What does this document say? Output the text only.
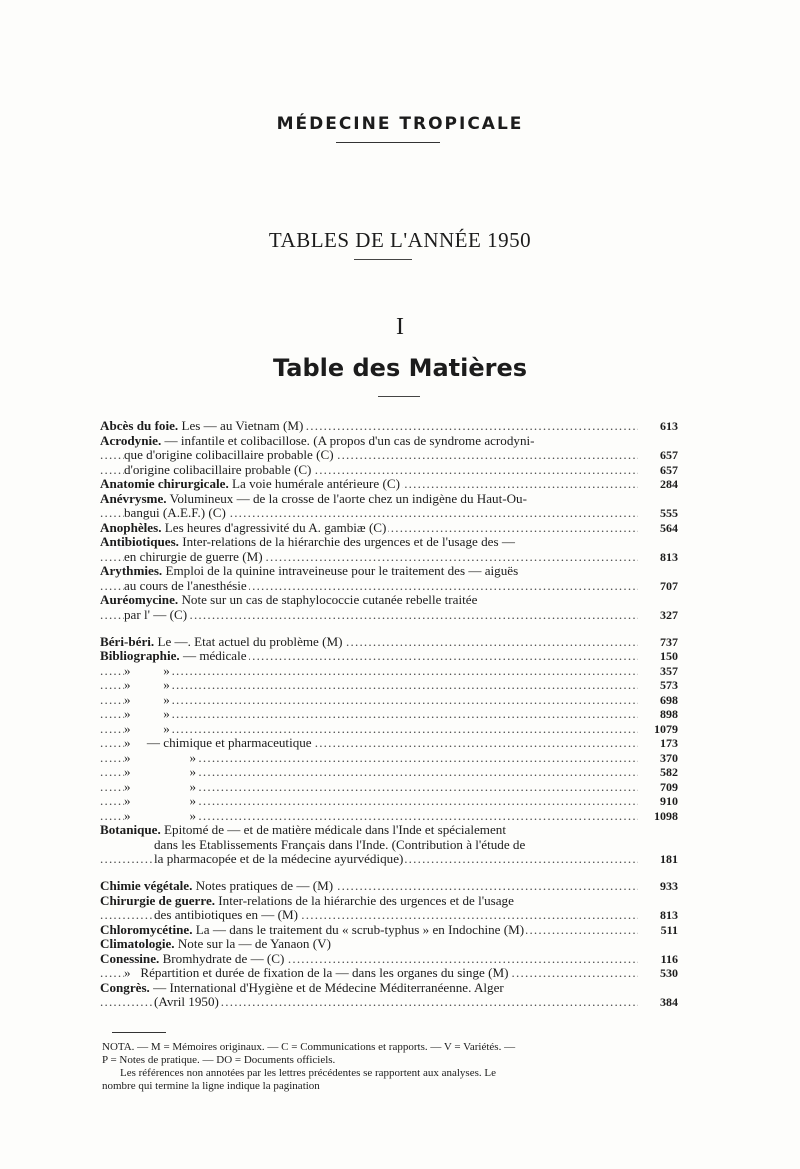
MÉDECINE TROPICALE
TABLES DE L'ANNÉE 1950
I
Table des Matières
.....
Abcès du foie. Les — au Vietnam (M)	613
Acrodynie. — infantile et colibacillose. (A propos d'un cas de syndrome acrodyni-
.....
que d'origine colibacillaire probable (C)	657
.....
d'origine colibacillaire probable (C)	657
.....
Anatomie chirurgicale. La voie humérale antérieure (C)	284
Anévrysme. Volumineux — de la crosse de l'aorte chez un indigène du Haut-Ou-
.....
bangui (A.E.F.) (C)	555
.....
Anophèles. Les heures d'agressivité du A. gambiæ (C)	564
Antibiotiques. Inter-relations de la hiérarchie des urgences et de l'usage des —
.....
en chirurgie de guerre (M)	813
Arythmies. Emploi de la quinine intraveineuse pour le traitement des — aiguës
.....
au cours de l'anesthésie	707
Auréomycine. Note sur un cas de staphylococcie cutanée rebelle traitée
.....
par l' — (C)	327
.....
Béri-béri. Le —. Etat actuel du problème (M)	737
.....
Bibliographie. — médicale	150
.....
»          »	357
.....
»          »	573
.....
»          »	698
.....
»          »	898
.....
»          »	1079
.....
»     — chimique et pharmaceutique	173
.....
»                  »	370
.....
»                  »	582
.....
»                  »	709
.....
»                  »	910
.....
»                  »	1098
Botanique. Epitomé de — et de matière médicale dans l'Inde et spécialement
dans les Etablissements Français dans l'Inde. (Contribution à l'étude de
.....
la pharmacopée et de la médecine ayurvédique)	181
.....
Chimie végétale. Notes pratiques de — (M)	933
Chirurgie de guerre. Inter-relations de la hiérarchie des urgences et de l'usage
.....
des antibiotiques en — (M)	813
.....
Chloromycétine. La — dans le traitement du « scrub-typhus » en Indochine (M)	511
Climatologie. Note sur la — de Yanaon (V)
.....
Conessine. Bromhydrate de — (C)	116
.....
»   Répartition et durée de fixation de la — dans les organes du singe (M)	530
Congrès. — International d'Hygiène et de Médecine Méditerranéenne. Alger
.....
(Avril 1950)	384
NOTA. — M = Mémoires originaux. — C = Communications et rapports. — V = Variétés. —
P = Notes de pratique. — DO = Documents officiels.
Les références non annotées par les lettres précédentes se rapportent aux analyses. Le
nombre qui termine la ligne indique la pagination
